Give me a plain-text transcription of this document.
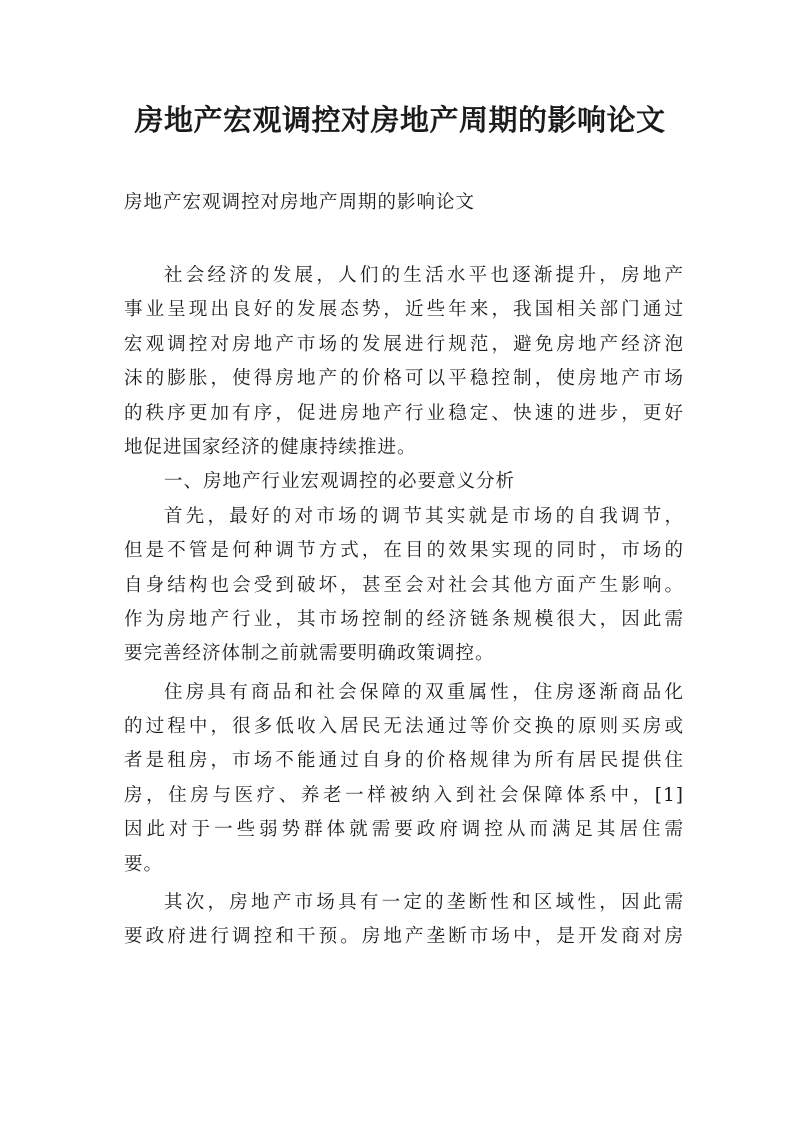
房地产宏观调控对房地产周期的影响论文

房地产宏观调控对房地产周期的影响论文

社会经济的发展，人们的生活水平也逐渐提升，房地产
事业呈现出良好的发展态势，近些年来，我国相关部门通过
宏观调控对房地产市场的发展进行规范，避免房地产经济泡
沫的膨胀，使得房地产的价格可以平稳控制，使房地产市场
的秩序更加有序，促进房地产行业稳定、快速的进步，更好
地促进国家经济的健康持续推进。
一、房地产行业宏观调控的必要意义分析
首先，最好的对市场的调节其实就是市场的自我调节，
但是不管是何种调节方式，在目的效果实现的同时，市场的
自身结构也会受到破坏，甚至会对社会其他方面产生影响。
作为房地产行业，其市场控制的经济链条规模很大，因此需
要完善经济体制之前就需要明确政策调控。
住房具有商品和社会保障的双重属性，住房逐渐商品化
的过程中，很多低收入居民无法通过等价交换的原则买房或
者是租房，市场不能通过自身的价格规律为所有居民提供住
房，住房与医疗、养老一样被纳入到社会保障体系中，[1]
因此对于一些弱势群体就需要政府调控从而满足其居住需
要。
其次，房地产市场具有一定的垄断性和区域性，因此需
要政府进行调控和干预。房地产垄断市场中，是开发商对房
